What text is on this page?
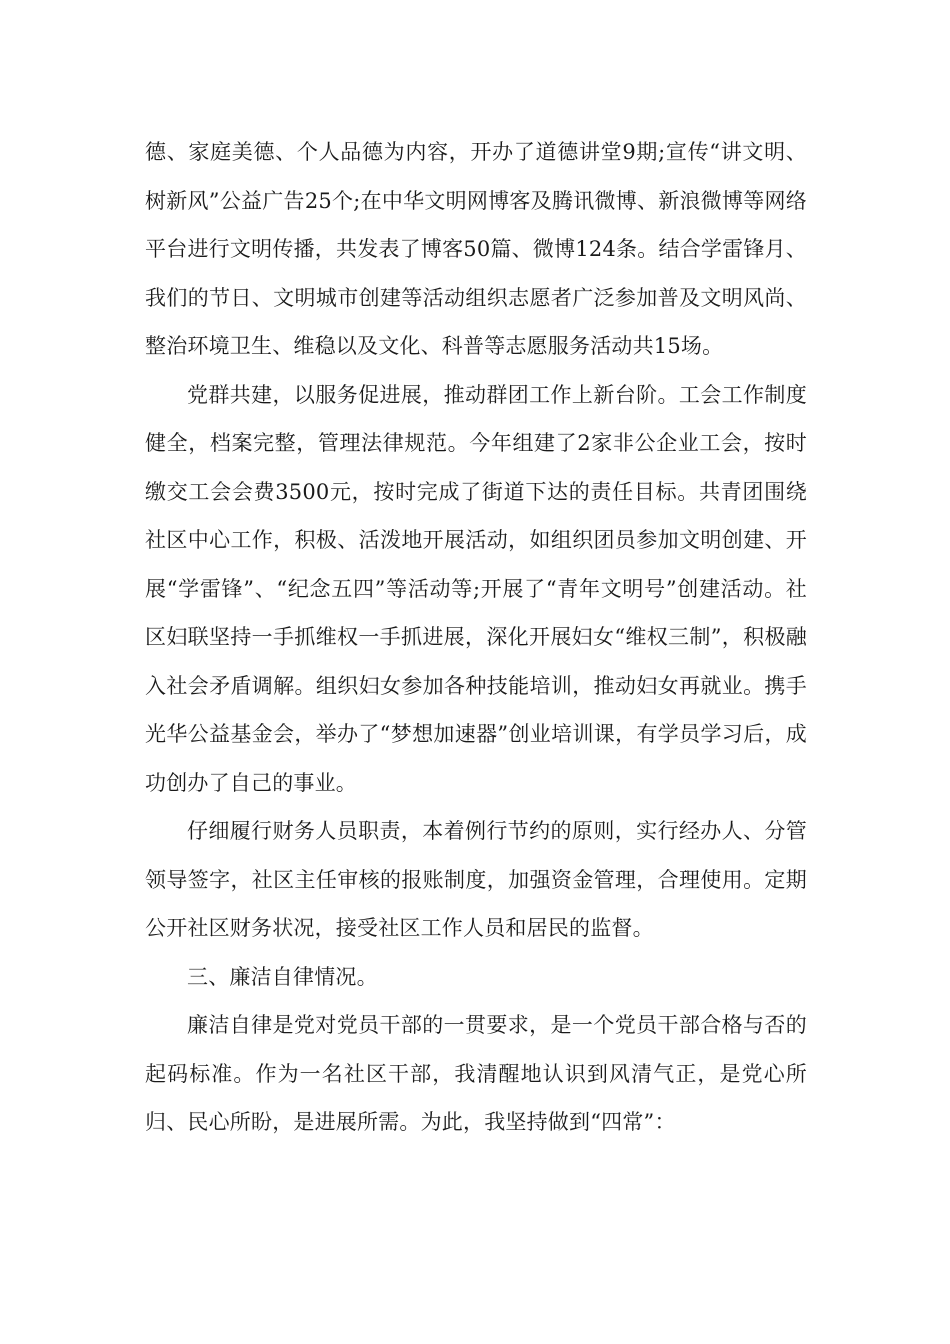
德、家庭美德、个人品德为内容，开办了道德讲堂9期;宣传“讲文明、树新风”公益广告25个;在中华文明网博客及腾讯微博、新浪微博等网络平台进行文明传播，共发表了博客50篇、微博124条。结合学雷锋月、我们的节日、文明城市创建等活动组织志愿者广泛参加普及文明风尚、整治环境卫生、维稳以及文化、科普等志愿服务活动共15场。

党群共建，以服务促进展，推动群团工作上新台阶。工会工作制度健全，档案完整，管理法律规范。今年组建了2家非公企业工会，按时缴交工会会费3500元，按时完成了街道下达的责任目标。共青团围绕社区中心工作，积极、活泼地开展活动，如组织团员参加文明创建、开展“学雷锋”、“纪念五四”等活动等;开展了“青年文明号”创建活动。社区妇联坚持一手抓维权一手抓进展，深化开展妇女“维权三制”，积极融入社会矛盾调解。组织妇女参加各种技能培训，推动妇女再就业。携手光华公益基金会，举办了“梦想加速器”创业培训课，有学员学习后，成功创办了自己的事业。

仔细履行财务人员职责，本着例行节约的原则，实行经办人、分管领导签字，社区主任审核的报账制度，加强资金管理，合理使用。定期公开社区财务状况，接受社区工作人员和居民的监督。

三、廉洁自律情况。

廉洁自律是党对党员干部的一贯要求，是一个党员干部合格与否的起码标准。作为一名社区干部，我清醒地认识到风清气正，是党心所归、民心所盼，是进展所需。为此，我坚持做到“四常”：
